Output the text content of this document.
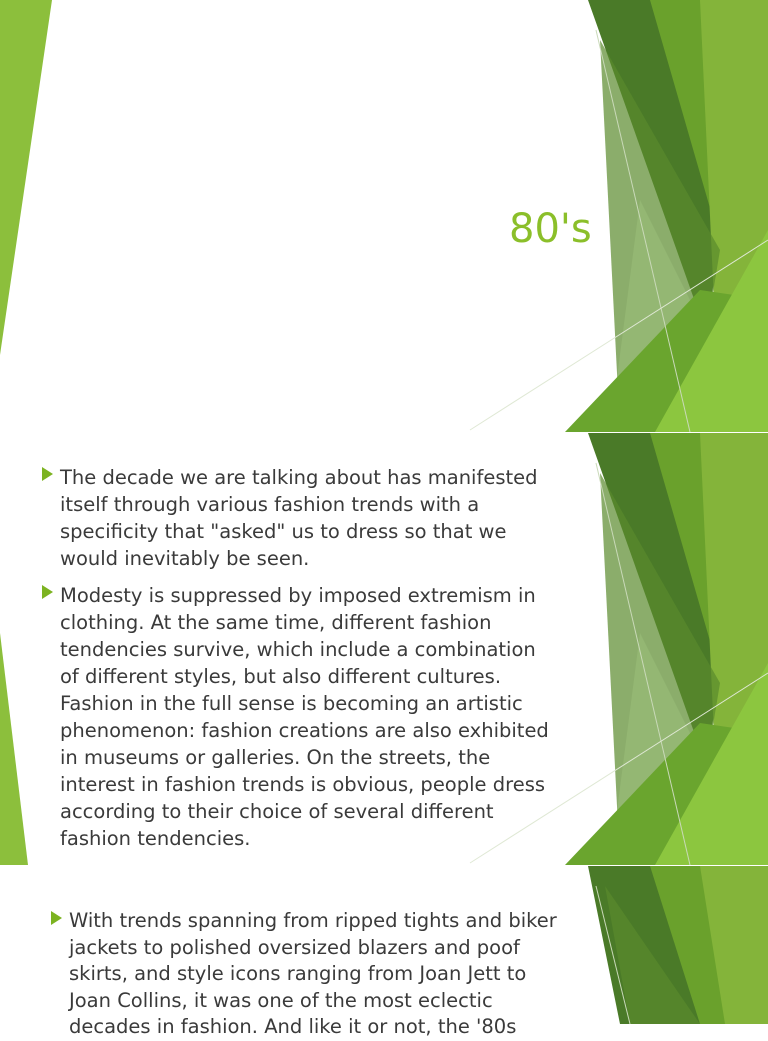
80's
The decade we are talking about has manifested itself through various fashion trends with a specificity that "asked" us to dress so that we would inevitably be seen.
Modesty is suppressed by imposed extremism in clothing. At the same time, different fashion tendencies survive, which include a combination of different styles, but also different cultures. Fashion in the full sense is becoming an artistic phenomenon: fashion creations are also exhibited in museums or galleries. On the streets, the interest in fashion trends is obvious, people dress according to their choice of several different fashion tendencies.
With trends spanning from ripped tights and biker jackets to polished oversized blazers and poof skirts, and style icons ranging from Joan Jett to Joan Collins, it was one of the most eclectic decades in fashion. And like it or not, the '80s
